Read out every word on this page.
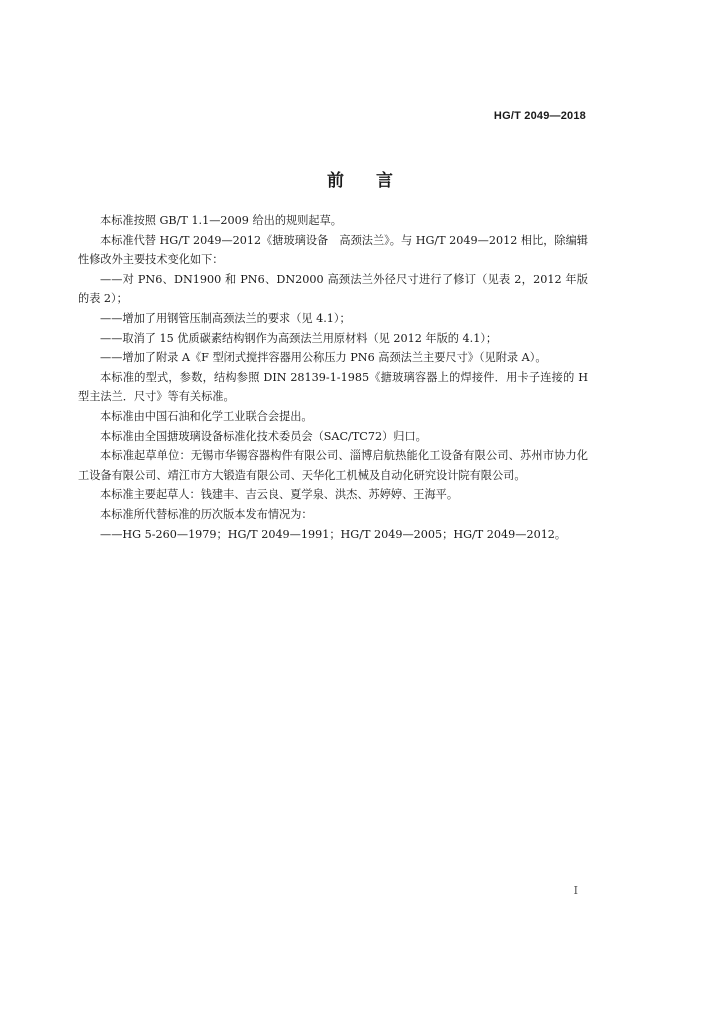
HG/T 2049—2018
前言

本标准按照 GB/T 1.1—2009 给出的规则起草。

本标准代替 HG/T 2049—2012《搪玻璃设备　高颈法兰》。与 HG/T 2049—2012 相比，除编辑性修改外主要技术变化如下：

——对 PN6、DN1900 和 PN6、DN2000 高颈法兰外径尺寸进行了修订（见表 2，2012 年版的表 2）；

——增加了用钢管压制高颈法兰的要求（见 4.1）；

——取消了 15 优质碳素结构钢作为高颈法兰用原材料（见 2012 年版的 4.1）；

——增加了附录 A《F 型闭式搅拌容器用公称压力 PN6 高颈法兰主要尺寸》（见附录 A）。

本标准的型式，参数，结构参照 DIN 28139-1-1985《搪玻璃容器上的焊接件．用卡子连接的 H 型主法兰．尺寸》等有关标准。

本标准由中国石油和化学工业联合会提出。

本标准由全国搪玻璃设备标准化技术委员会（SAC/TC72）归口。

本标准起草单位：无锡市华锡容器构件有限公司、淄博启航热能化工设备有限公司、苏州市协力化工设备有限公司、靖江市方大锻造有限公司、天华化工机械及自动化研究设计院有限公司。

本标准主要起草人：钱建丰、吉云良、夏学泉、洪杰、苏婷婷、王海平。

本标准所代替标准的历次版本发布情况为：

——HG 5-260—1979；HG/T 2049—1991；HG/T 2049—2005；HG/T 2049—2012。

I
